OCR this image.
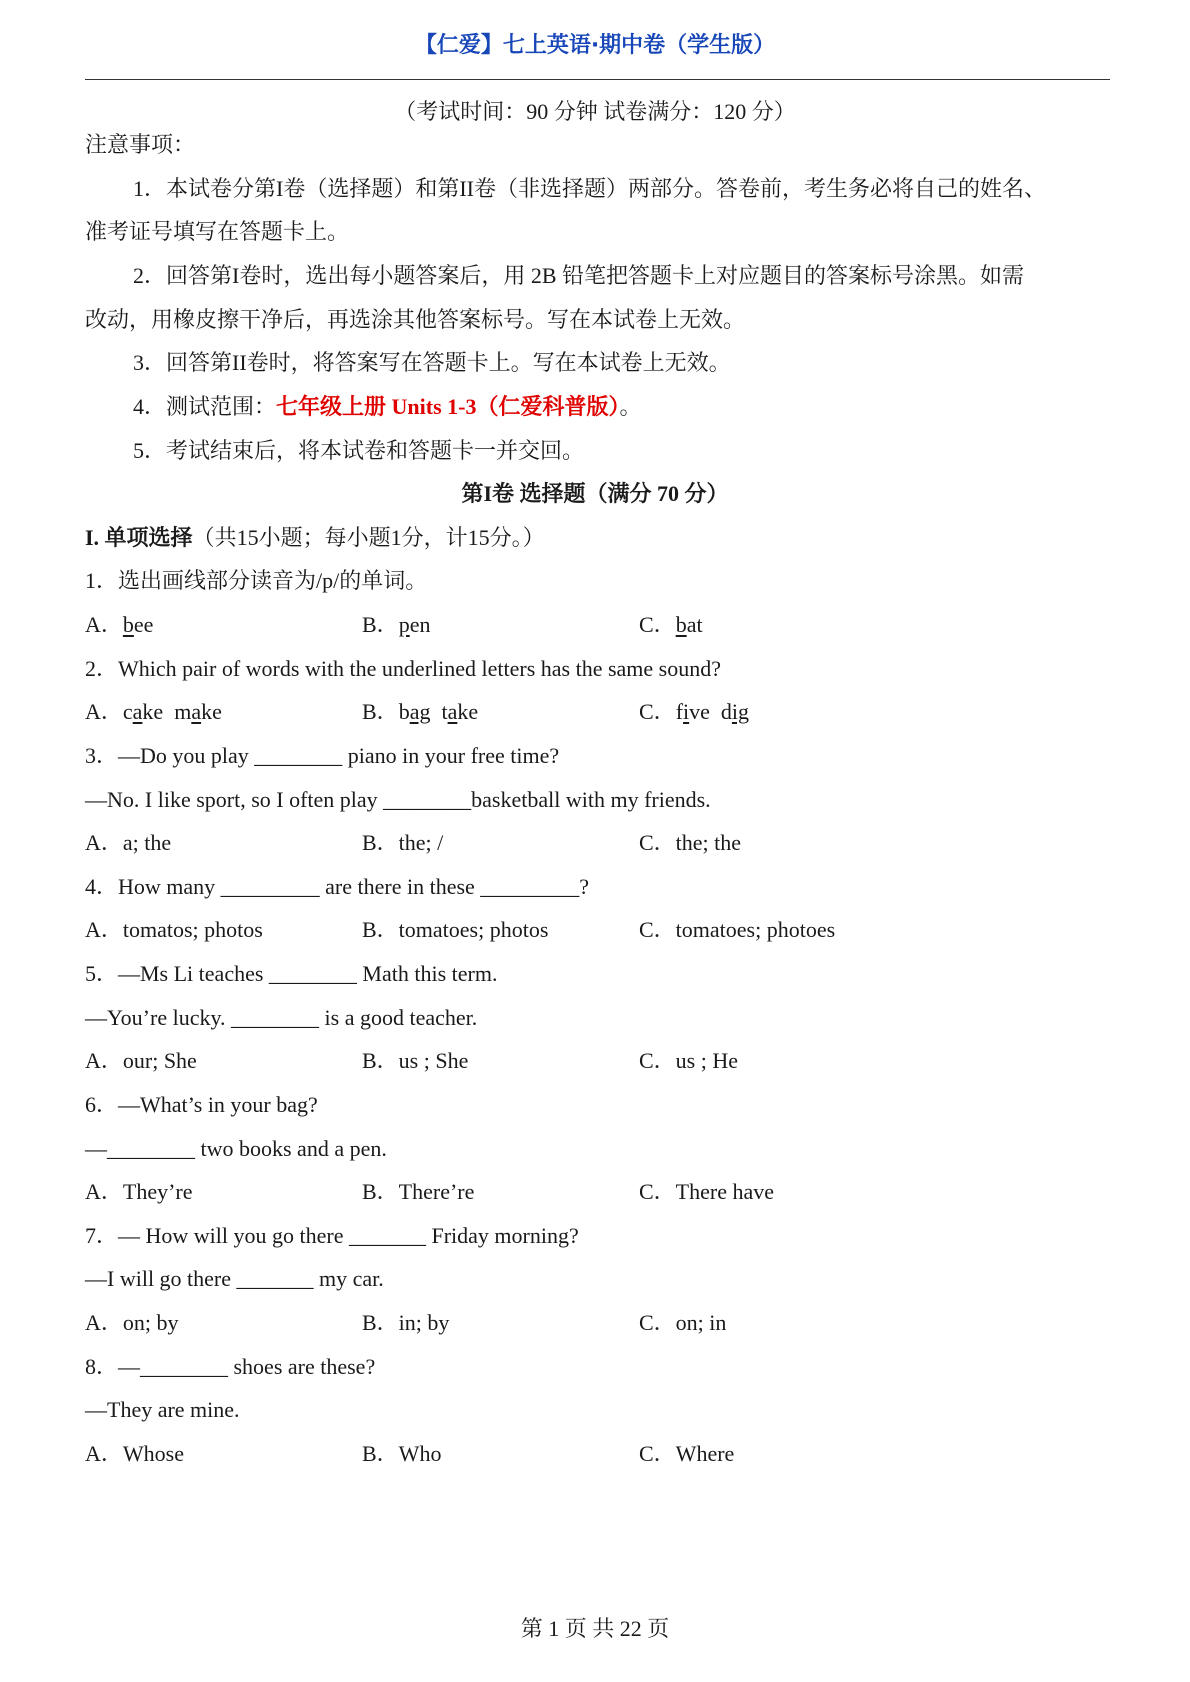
【仁爱】七上英语·期中卷（学生版）
（考试时间：90 分钟 试卷满分：120 分）
注意事项：
1．本试卷分第I卷（选择题）和第II卷（非选择题）两部分。答卷前，考生务必将自己的姓名、
准考证号填写在答题卡上。
2．回答第I卷时，选出每小题答案后，用 2B 铅笔把答题卡上对应题目的答案标号涂黑。如需
改动，用橡皮擦干净后，再选涂其他答案标号。写在本试卷上无效。
3．回答第II卷时，将答案写在答题卡上。写在本试卷上无效。
4．测试范围：七年级上册 Units 1-3（仁爱科普版）。
5．考试结束后，将本试卷和答题卡一并交回。
第I卷 选择题（满分 70 分）
I. 单项选择（共15小题；每小题1分，计15分。）
1．选出画线部分读音为/p/的单词。
A．bee	B．pen	C．bat
2．Which pair of words with the underlined letters has the same sound?
A．cake make	B．bag take	C．five dig
3．—Do you play ________ piano in your free time?
—No. I like sport, so I often play ________basketball with my friends.
A．a; the	B．the; /	C．the; the
4．How many _________ are there in these _________?
A．tomatos; photos	B．tomatoes; photos	C．tomatoes; photoes
5．—Ms Li teaches ________ Math this term.
—You’re lucky. ________ is a good teacher.
A．our; She	B．us ; She	C．us ; He
6．—What’s in your bag?
—________ two books and a pen.
A．They’re	B．There’re	C．There have
7．— How will you go there _______ Friday morning?
—I will go there _______ my car.
A．on; by	B．in; by	C．on; in
8．—________ shoes are these?
—They are mine.
A．Whose	B．Who	C．Where
第 1 页 共 22 页
